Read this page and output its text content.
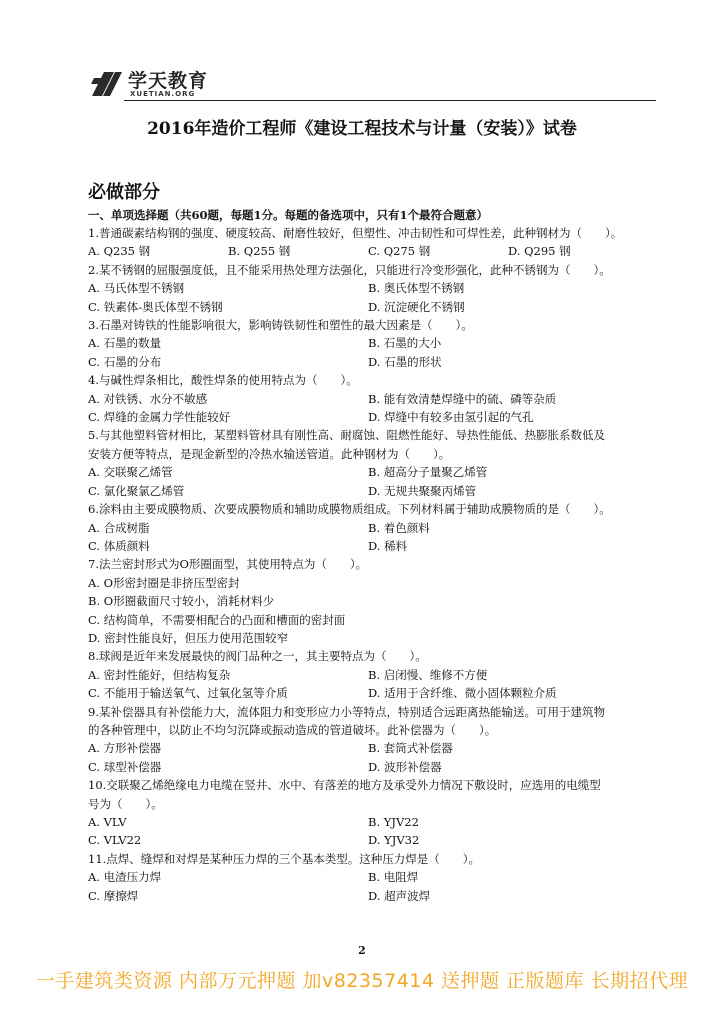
学天教育
XUETIAN.ORG
2016年造价工程师《建设工程技术与计量（安装）》试卷
必做部分
一、单项选择题（共60题，每题1分。每题的备选项中，只有1个最符合题意）
1.普通碳素结构钢的强度、硬度较高、耐磨性较好，但塑性、冲击韧性和可焊性差，此种钢材为（　　）。
A. Q235 钢	B. Q255 钢	C. Q275 钢	D. Q295 钢
2.某不锈钢的屈服强度低，且不能采用热处理方法强化，只能进行冷变形强化，此种不锈钢为（　　）。
A. 马氏体型不锈钢	B. 奥氏体型不锈钢
C. 铁素体-奥氏体型不锈钢	D. 沉淀硬化不锈钢
3.石墨对铸铁的性能影响很大，影响铸铁韧性和塑性的最大因素是（　　）。
A. 石墨的数量	B. 石墨的大小
C. 石墨的分布	D. 石墨的形状
4.与碱性焊条相比，酸性焊条的使用特点为（　　）。
A. 对铁锈、水分不敏感	B. 能有效清楚焊缝中的硫、磷等杂质
C. 焊缝的金属力学性能较好	D. 焊缝中有较多由氢引起的气孔
5.与其他塑料管材相比，某塑料管材具有刚性高、耐腐蚀、阻燃性能好、导热性能低、热膨胀系数低及
安装方便等特点，是现金新型的冷热水输送管道。此种钢材为（　　）。
A. 交联聚乙烯管	B. 超高分子量聚乙烯管
C. 氯化聚氯乙烯管	D. 无规共聚聚丙烯管
6.涂料由主要成膜物质、次要成膜物质和辅助成膜物质组成。下列材料属于辅助成膜物质的是（　　）。
A. 合成树脂	B. 着色颜料
C. 体质颜料	D. 稀料
7.法兰密封形式为O形圈面型，其使用特点为（　　）。
A. O形密封圈是非挤压型密封
B. O形圈截面尺寸较小，消耗材料少
C. 结构简单，不需要相配合的凸面和槽面的密封面
D. 密封性能良好，但压力使用范围较窄
8.球阀是近年来发展最快的阀门品种之一，其主要特点为（　　）。
A. 密封性能好，但结构复杂	B. 启闭慢、维修不方便
C. 不能用于输送氧气、过氧化氢等介质	D. 适用于含纤维、微小固体颗粒介质
9.某补偿器具有补偿能力大，流体阻力和变形应力小等特点，特别适合远距离热能输送。可用于建筑物
的各种管理中，以防止不均匀沉降或振动造成的管道破坏。此补偿器为（　　）。
A. 方形补偿器	B. 套筒式补偿器
C. 球型补偿器	D. 波形补偿器
10.交联聚乙烯绝缘电力电缆在竖井、水中、有落差的地方及承受外力情况下敷设时，应选用的电缆型
号为（　　）。
A. VLV	B. YJV22
C. VLV22	D. YJV32
11.点焊、缝焊和对焊是某种压力焊的三个基本类型。这种压力焊是（　　）。
A. 电渣压力焊	B. 电阻焊
C. 摩擦焊	D. 超声波焊
2
一手建筑类资源 内部万元押题 加v82357414 送押题 正版题库 长期招代理
